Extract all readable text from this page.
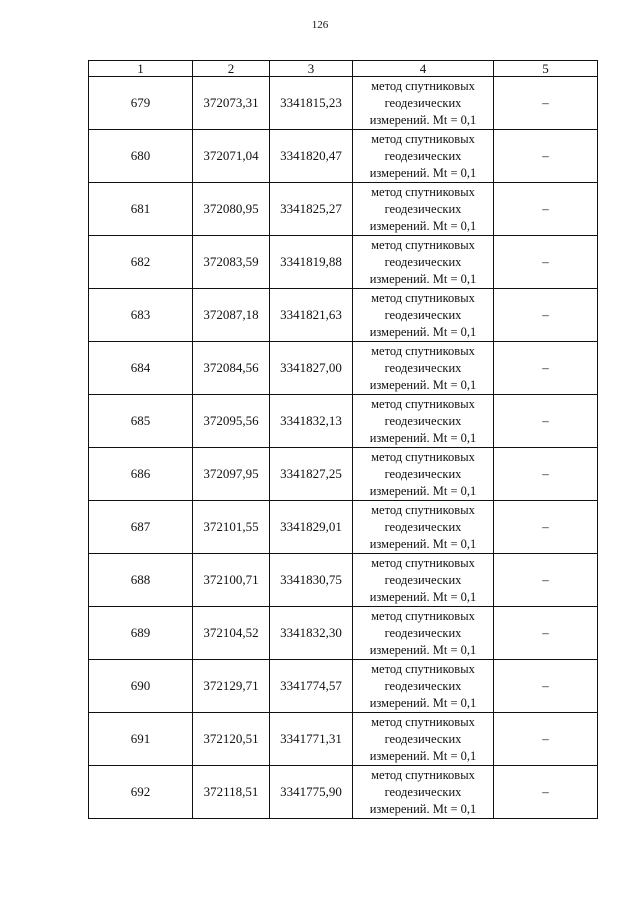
126
1	2	3	4	5
679	372073,31	3341815,23	метод спутниковых
геодезических
измерений. Mt = 0,1	–
680	372071,04	3341820,47	метод спутниковых
геодезических
измерений. Mt = 0,1	–
681	372080,95	3341825,27	метод спутниковых
геодезических
измерений. Mt = 0,1	–
682	372083,59	3341819,88	метод спутниковых
геодезических
измерений. Mt = 0,1	–
683	372087,18	3341821,63	метод спутниковых
геодезических
измерений. Mt = 0,1	–
684	372084,56	3341827,00	метод спутниковых
геодезических
измерений. Mt = 0,1	–
685	372095,56	3341832,13	метод спутниковых
геодезических
измерений. Mt = 0,1	–
686	372097,95	3341827,25	метод спутниковых
геодезических
измерений. Mt = 0,1	–
687	372101,55	3341829,01	метод спутниковых
геодезических
измерений. Mt = 0,1	–
688	372100,71	3341830,75	метод спутниковых
геодезических
измерений. Mt = 0,1	–
689	372104,52	3341832,30	метод спутниковых
геодезических
измерений. Mt = 0,1	–
690	372129,71	3341774,57	метод спутниковых
геодезических
измерений. Mt = 0,1	–
691	372120,51	3341771,31	метод спутниковых
геодезических
измерений. Mt = 0,1	–
692	372118,51	3341775,90	метод спутниковых
геодезических
измерений. Mt = 0,1	–
